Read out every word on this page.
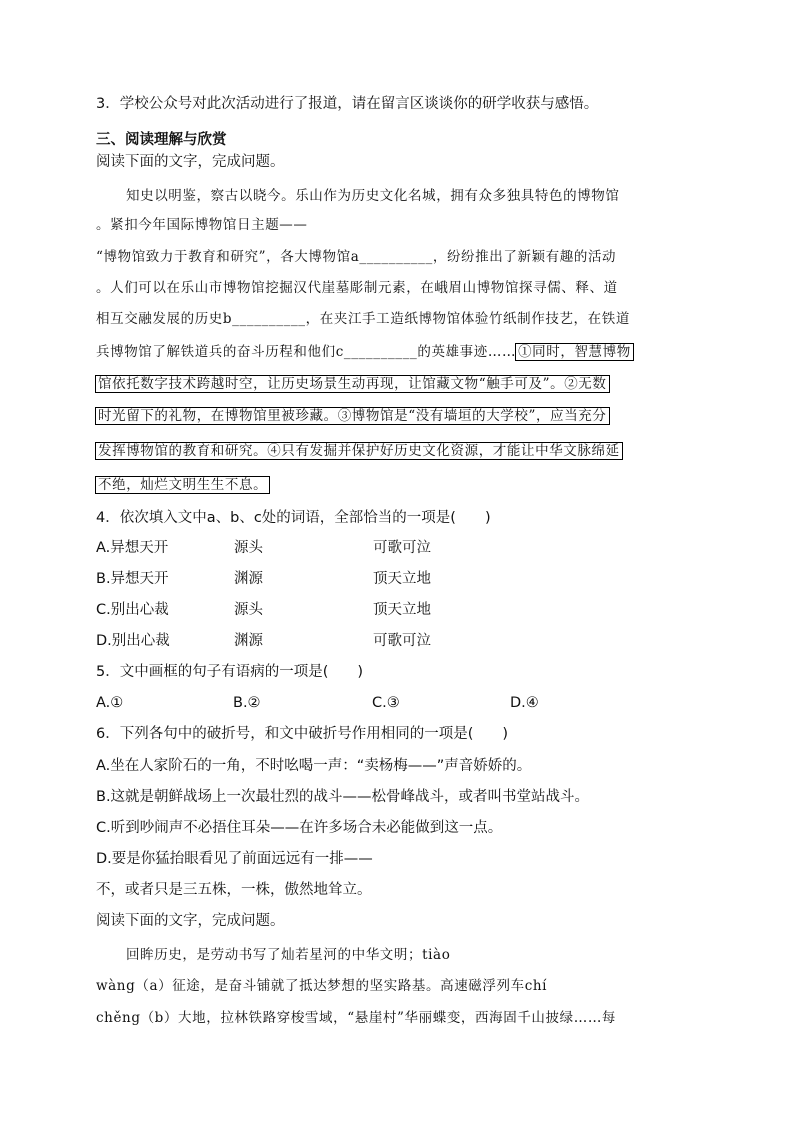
3．学校公众号对此次活动进行了报道，请在留言区谈谈你的研学收获与感悟。
三、阅读理解与欣赏
阅读下面的文字，完成问题。
知史以明鉴，察古以晓今。乐山作为历史文化名城，拥有众多独具特色的博物馆
。紧扣今年国际博物馆日主题——
“博物馆致力于教育和研究”，各大博物馆a__________，纷纷推出了新颖有趣的活动
。人们可以在乐山市博物馆挖掘汉代崖墓彫制元素，在峨眉山博物馆探寻儒、释、道
相互交融发展的历史b__________，在夹江手工造纸博物馆体验竹纸制作技艺，在铁道
兵博物馆了解铁道兵的奋斗历程和他们c__________的英雄事迹…… ①同时，智慧博物
馆依托数字技术跨越时空，让历史场景生动再现，让馆藏文物“触手可及”。②无数
时光留下的礼物，在博物馆里被珍藏。③博物馆是“没有墙垣的大学校”，应当充分
发挥博物馆的教育和研究。④只有发掘并保护好历史文化资源，才能让中华文脉绵延
不绝，灿烂文明生生不息。
4．依次填入文中a、b、c处的词语，全部恰当的一项是(　　)
A.异想天开	源头	可歌可泣
B.异想天开	渊源	顶天立地
C.别出心裁	源头	顶天立地
D.别出心裁	渊源	可歌可泣
5．文中画框的句子有语病的一项是(　　)
A.①	B.②	C.③	D.④
6．下列各句中的破折号，和文中破折号作用相同的一项是(　　)
A.坐在人家阶石的一角，不时吆喝一声：“卖杨梅——”声音娇娇的。
B.这就是朝鲜战场上一次最壮烈的战斗——松骨峰战斗，或者叫书堂站战斗。
C.听到吵闹声不必捂住耳朵——在许多场合未必能做到这一点。
D.要是你猛抬眼看见了前面远远有一排——
不，或者只是三五株，一株，傲然地耸立。
阅读下面的文字，完成问题。
回眸历史，是劳动书写了灿若星河的中华文明；tiào
wàng（a）征途，是奋斗铺就了抵达梦想的坚实路基。高速磁浮列车chí
chěng（b）大地，拉林铁路穿梭雪域，“悬崖村”华丽蝶变，西海固千山披绿……每
